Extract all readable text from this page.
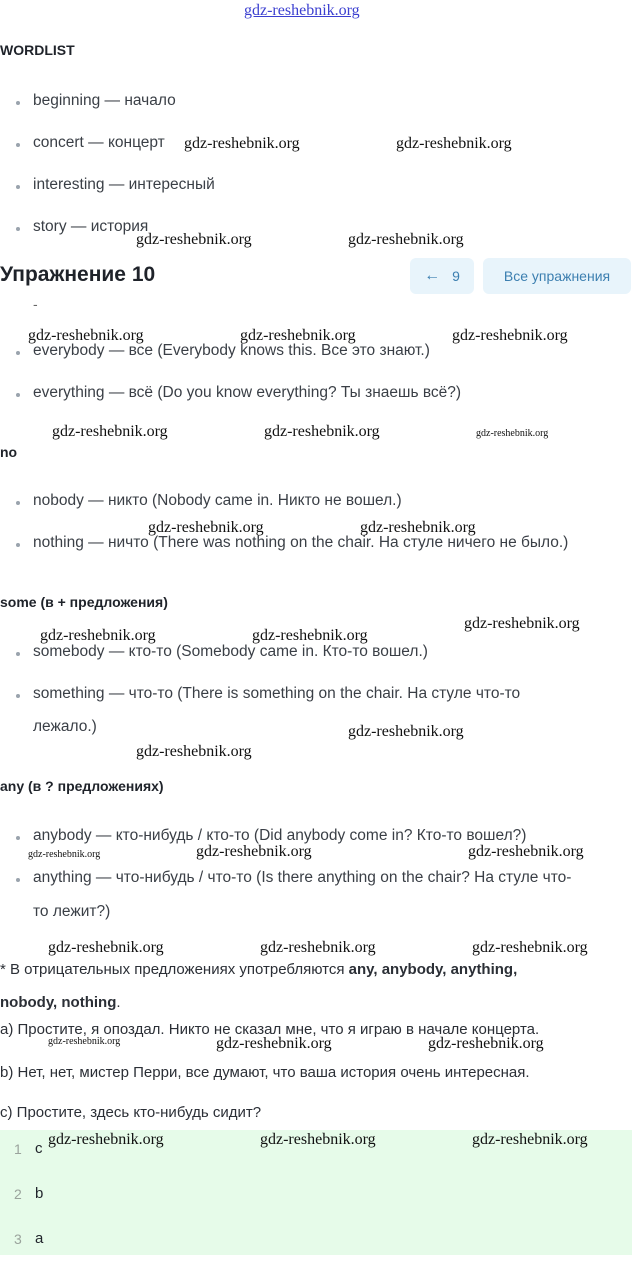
gdz-reshebnik.org
WORDLIST
beginning — начало
concert — концерт
interesting — интересный
story — история
Упражнение 10	← 9	Все упражнения
-
everybody — все (Everybody knows this. Все это знают.)
everything — всё (Do you know everything? Ты знаешь всё?)
no
nobody — никто (Nobody came in. Никто не вошел.)
nothing — ничто (There was nothing on the chair. На стуле ничего не было.)
some (в + предложения)
somebody — кто-то (Somebody came in. Кто-то вошел.)
something — что-то (There is something on the chair. На стуле что-то
лежало.)
any (в ? предложениях)
anybody — кто-нибудь / кто-то (Did anybody come in? Кто-то вошел?)
anything — что-нибудь / что-то (Is there anything on the chair? На стуле что-
то лежит?)
* В отрицательных предложениях употребляются any, anybody, anything,
nobody, nothing.
a) Простите, я опоздал. Никто не сказал мне, что я играю в начале концерта.
b) Нет, нет, мистер Перри, все думают, что ваша история очень интересная.
c) Простите, здесь кто-нибудь сидит?
1 c
2 b
3 a
gdz-reshebnik.org	gdz-reshebnik.org
gdz-reshebnik.org	gdz-reshebnik.org
gdz-reshebnik.org	gdz-reshebnik.org	gdz-reshebnik.org
gdz-reshebnik.org	gdz-reshebnik.org	gdz-reshebnik.org
gdz-reshebnik.org	gdz-reshebnik.org
gdz-reshebnik.org	gdz-reshebnik.org
gdz-reshebnik.org
gdz-reshebnik.org
gdz-reshebnik.org
gdz-reshebnik.org	gdz-reshebnik.org	gdz-reshebnik.org
gdz-reshebnik.org	gdz-reshebnik.org	gdz-reshebnik.org
gdz-reshebnik.org	gdz-reshebnik.org	gdz-reshebnik.org
gdz-reshebnik.org	gdz-reshebnik.org	gdz-reshebnik.org
